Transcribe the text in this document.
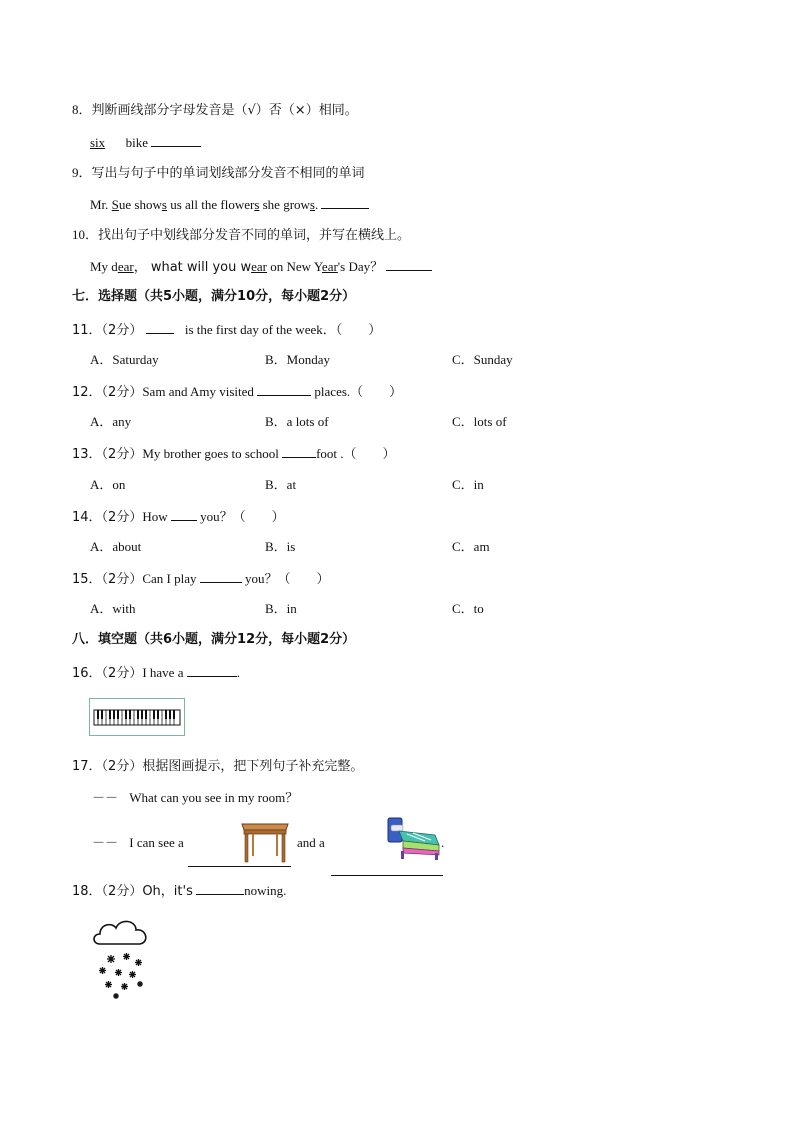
8．判断画线部分字母发音是（√）否（×）相同。
six bike
9．写出与句子中的单词划线部分发音不相同的单词
Mr. Sue shows us all the flowers she grows.
10．找出句子中划线部分发音不同的单词，并写在横线上。
My dear， what will you wear on New Year's Day？
七．选择题（共5小题，满分10分，每小题2分）
11．（2分）	is the first day of the week．（　　）
A．Saturday	B．Monday	C．Sunday
12．（2分）Sam and Amy visited	places.（　　）
A．any	B．a lots of	C．lots of
13．（2分）My brother goes to school	foot .（　　）
A．on	B．at	C．in
14．（2分）How	you？（　　）
A．about	B．is	C．am
15．（2分）Can I play	you？（　　）
A．with	B．in	C．to
八．填空题（共6小题，满分12分，每小题2分）
16．（2分）I have a	.
17．（2分）根据图画提示，把下列句子补充完整。
－－ What can you see in my room？
－－ I can see a	and a	.
18．（2分）Oh，it's	nowing.
